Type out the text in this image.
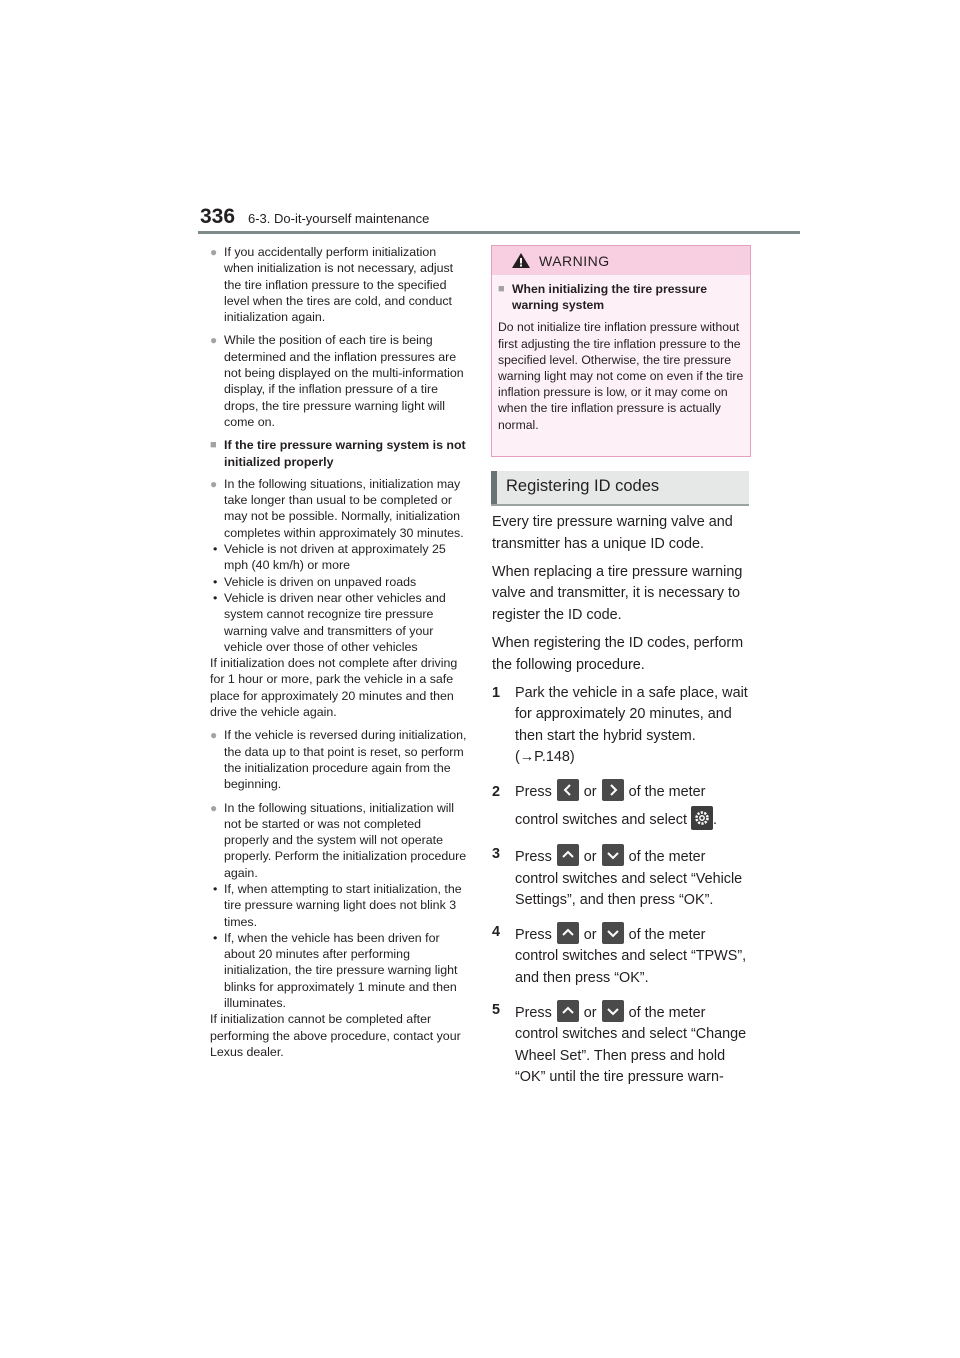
336 6-3. Do-it-yourself maintenance
● If you accidentally perform initialization when initialization is not necessary, adjust the tire inflation pressure to the specified level when the tires are cold, and conduct initialization again.
● While the position of each tire is being determined and the inflation pressures are not being displayed on the multi-information display, if the inflation pressure of a tire drops, the tire pressure warning light will come on.
■ If the tire pressure warning system is not initialized properly
● In the following situations, initialization may take longer than usual to be completed or may not be possible. Normally, initialization completes within approximately 30 minutes.
• Vehicle is not driven at approximately 25 mph (40 km/h) or more
• Vehicle is driven on unpaved roads
• Vehicle is driven near other vehicles and system cannot recognize tire pressure warning valve and transmitters of your vehicle over those of other vehicles
If initialization does not complete after driving for 1 hour or more, park the vehicle in a safe place for approximately 20 minutes and then drive the vehicle again.
● If the vehicle is reversed during initialization, the data up to that point is reset, so perform the initialization procedure again from the beginning.
● In the following situations, initialization will not be started or was not completed properly and the system will not operate properly. Perform the initialization procedure again.
• If, when attempting to start initialization, the tire pressure warning light does not blink 3 times.
• If, when the vehicle has been driven for about 20 minutes after performing initialization, the tire pressure warning light blinks for approximately 1 minute and then illuminates.
If initialization cannot be completed after performing the above procedure, contact your Lexus dealer.
WARNING
■ When initializing the tire pressure warning system
Do not initialize tire inflation pressure without first adjusting the tire inflation pressure to the specified level. Otherwise, the tire pressure warning light may not come on even if the tire inflation pressure is low, or it may come on when the tire inflation pressure is actually normal.
Registering ID codes
Every tire pressure warning valve and transmitter has a unique ID code.
When replacing a tire pressure warning valve and transmitter, it is necessary to register the ID code.
When registering the ID codes, perform the following procedure.
1 Park the vehicle in a safe place, wait for approximately 20 minutes, and then start the hybrid system. (→P.148)
2 Press or of the meter control switches and select .
3 Press or of the meter control switches and select “Vehicle Settings”, and then press “OK”.
4 Press or of the meter control switches and select “TPWS”, and then press “OK”.
5 Press or of the meter control switches and select “Change Wheel Set”. Then press and hold “OK” until the tire pressure warn-
